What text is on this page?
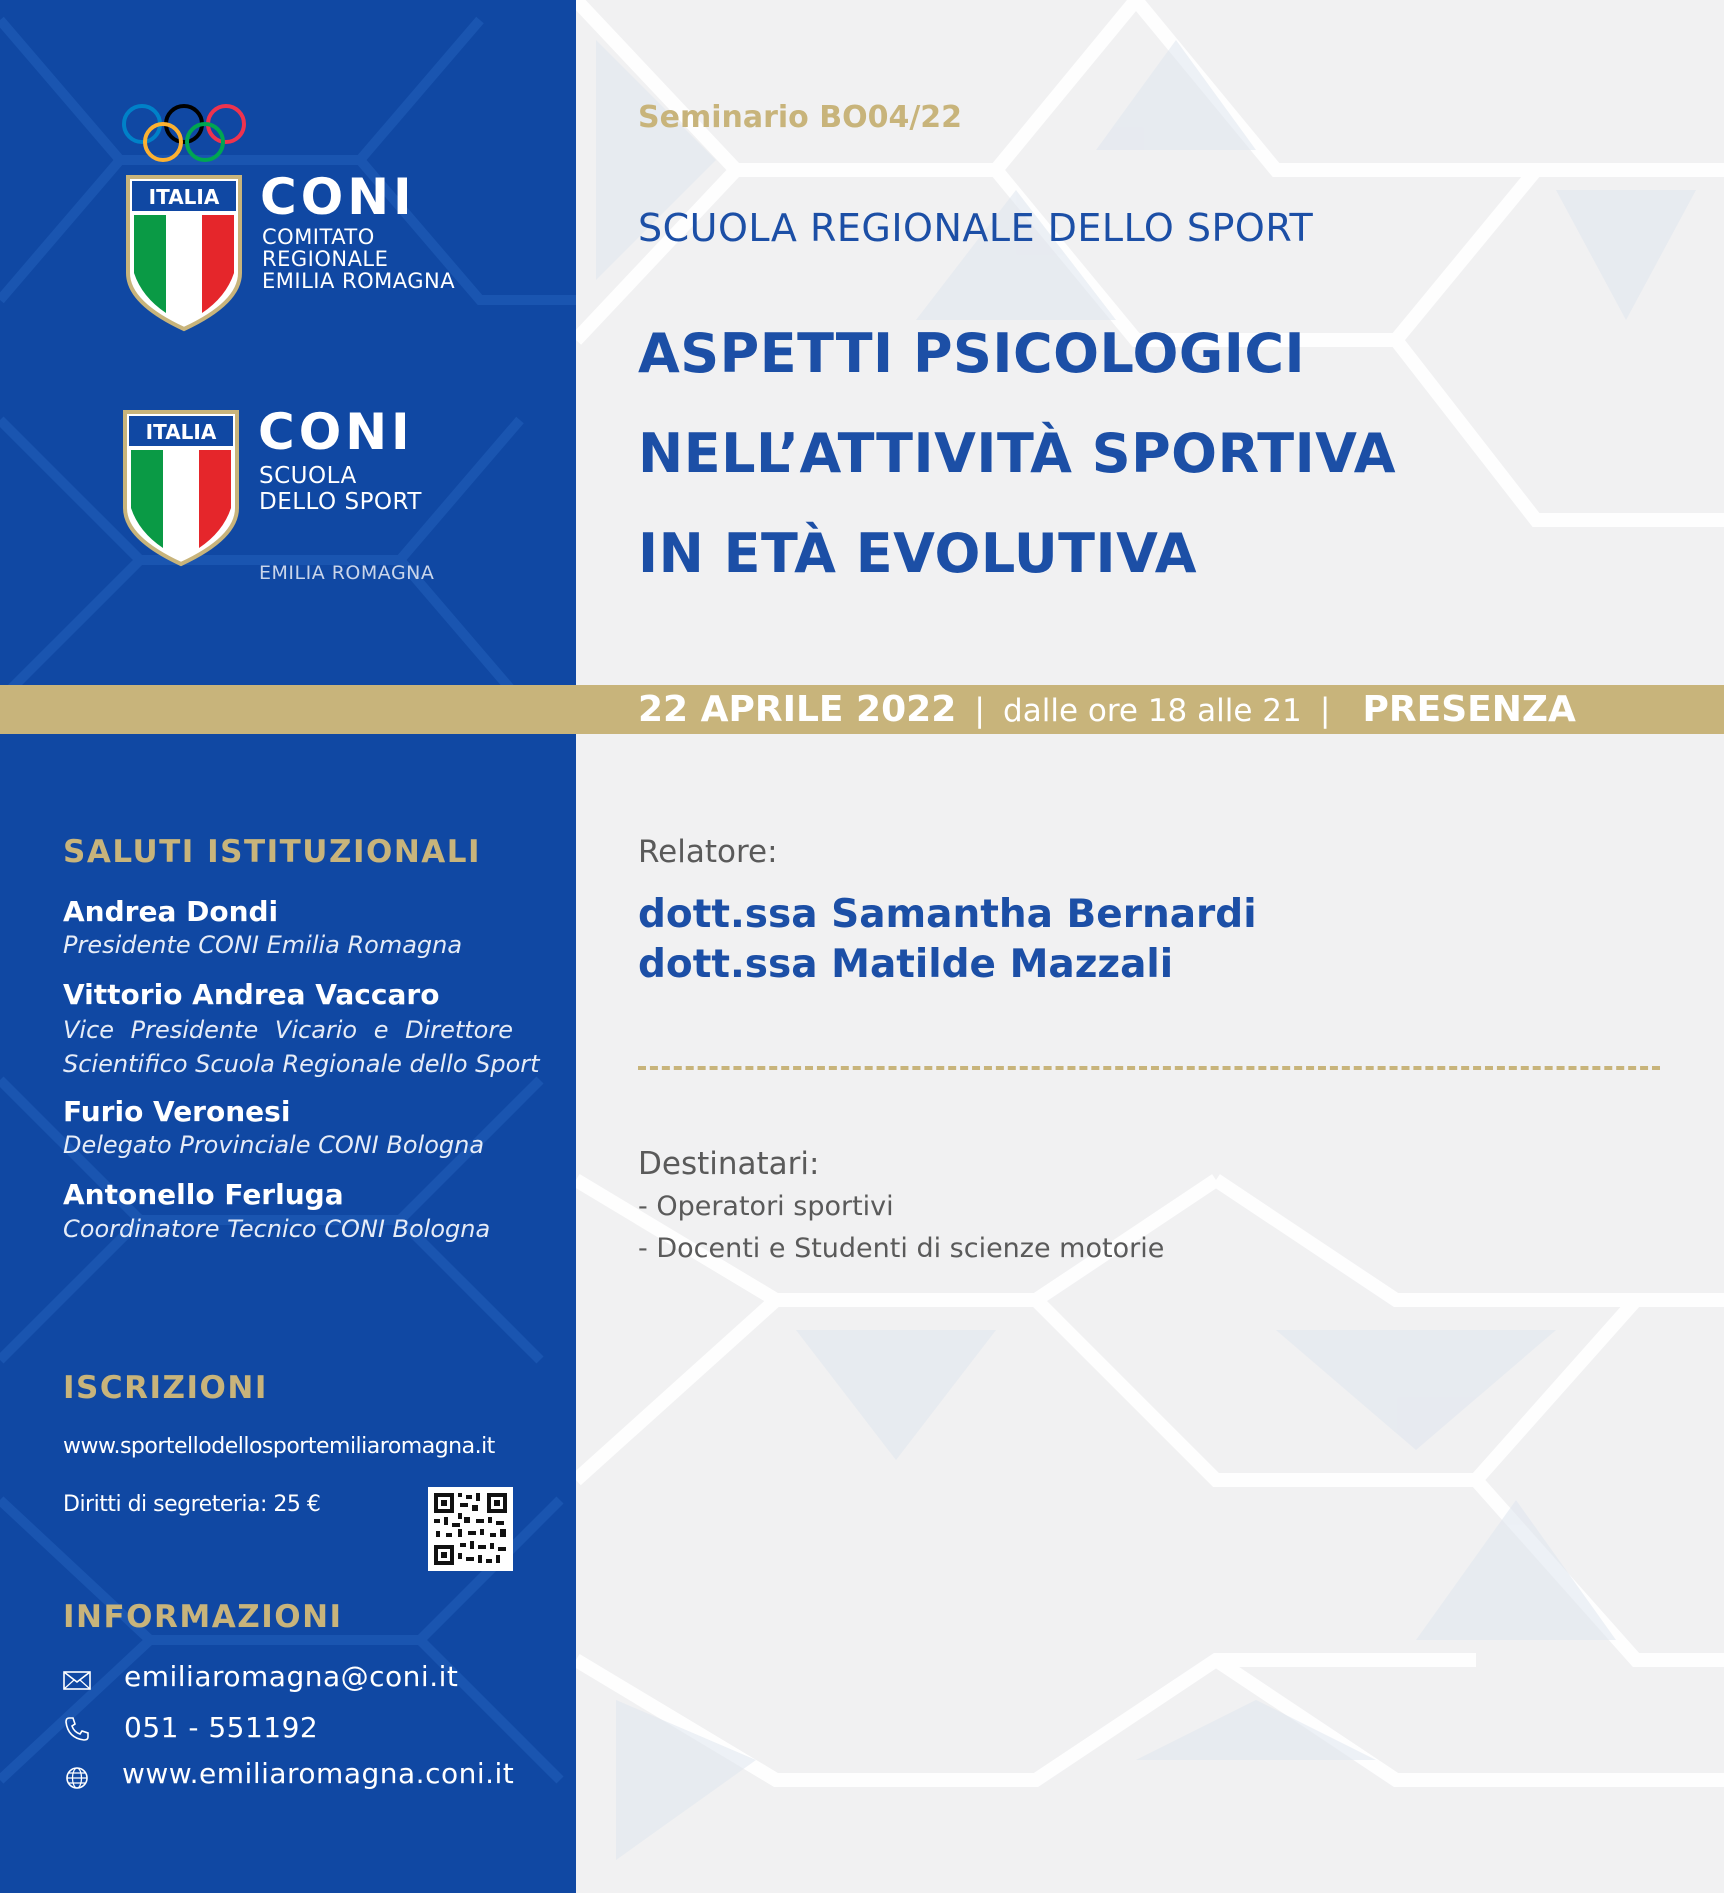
ITALIA CONI
COMITATO
REGIONALE
EMILIA ROMAGNA
ITALIA CONI
SCUOLA
DELLO SPORT
EMILIA ROMAGNA
Seminario BO04/22
SCUOLA REGIONALE DELLO SPORT
ASPETTI PSICOLOGICI
NELL’ATTIVITÀ SPORTIVA
IN ETÀ EVOLUTIVA
22 APRILE 2022 | dalle ore 18 alle 21 | PRESENZA
Relatore:
dott.ssa Samantha Bernardi
dott.ssa Matilde Mazzali
Destinatari:
- Operatori sportivi
- Docenti e Studenti di scienze motorie
SALUTI ISTITUZIONALI
Andrea Dondi
Presidente CONI Emilia Romagna
Vittorio Andrea Vaccaro
Vice Presidente Vicario e Direttore
Scientifico Scuola Regionale dello Sport
Furio Veronesi
Delegato Provinciale CONI Bologna
Antonello Ferluga
Coordinatore Tecnico CONI Bologna
ISCRIZIONI
www.sportellodellosportemiliaromagna.it
Diritti di segreteria: 25 €
INFORMAZIONI
emiliaromagna@coni.it
051 - 551192
www.emiliaromagna.coni.it
